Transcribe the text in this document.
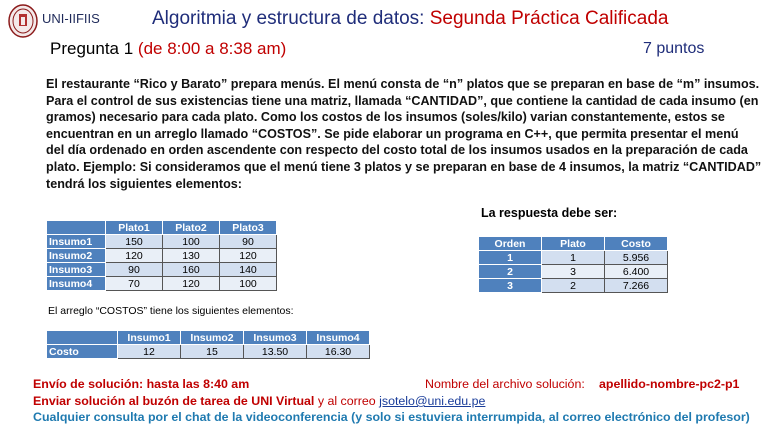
UNI-IIFIIS	Algoritmia y estructura de datos: Segunda Práctica Calificada
Pregunta 1 (de 8:00 a 8:38 am)	7 puntos

El restaurante “Rico y Barato” prepara menús. El menú consta de “n” platos que se preparan en base de “m” insumos.

Para el control de sus existencias tiene una matriz, llamada “CANTIDAD”, que contiene la cantidad de cada insumo (en

gramos) necesario para cada plato. Como los costos de los insumos (soles/kilo) varian constantemente, estos se

encuentran en un arreglo llamado “COSTOS”. Se pide elaborar un programa en C++, que permita presentar el menú

del día ordenado en orden ascendente con respecto del costo total de los insumos usados en la preparación de cada

plato. Ejemplo: Si consideramos que el menú tiene 3 platos y se preparan en base de 4 insumos, la matriz “CANTIDAD”

tendrá los siguientes elementos:

	Plato1	Plato2	Plato3
Insumo1	150	100	90
Insumo2	120	130	120
Insumo3	90	160	140
Insumo4	70	120	100
La respuesta debe ser:
Orden	Plato	Costo
1	1	5.956
2	3	6.400
3	2	7.266
El arreglo “COSTOS” tiene los siguientes elementos:
	Insumo1	Insumo2	Insumo3	Insumo4
Costo	12	15	13.50	16.30
Envío de solución: hasta las 8:40 am	Nombre del archivo solución: apellido-nombre-pc2-p1
Enviar solución al buzón de tarea de UNI Virtual y al correo jsotelo@uni.edu.pe
Cualquier consulta por el chat de la videoconferencia (y solo si estuviera interrumpida, al correo electrónico del profesor)
